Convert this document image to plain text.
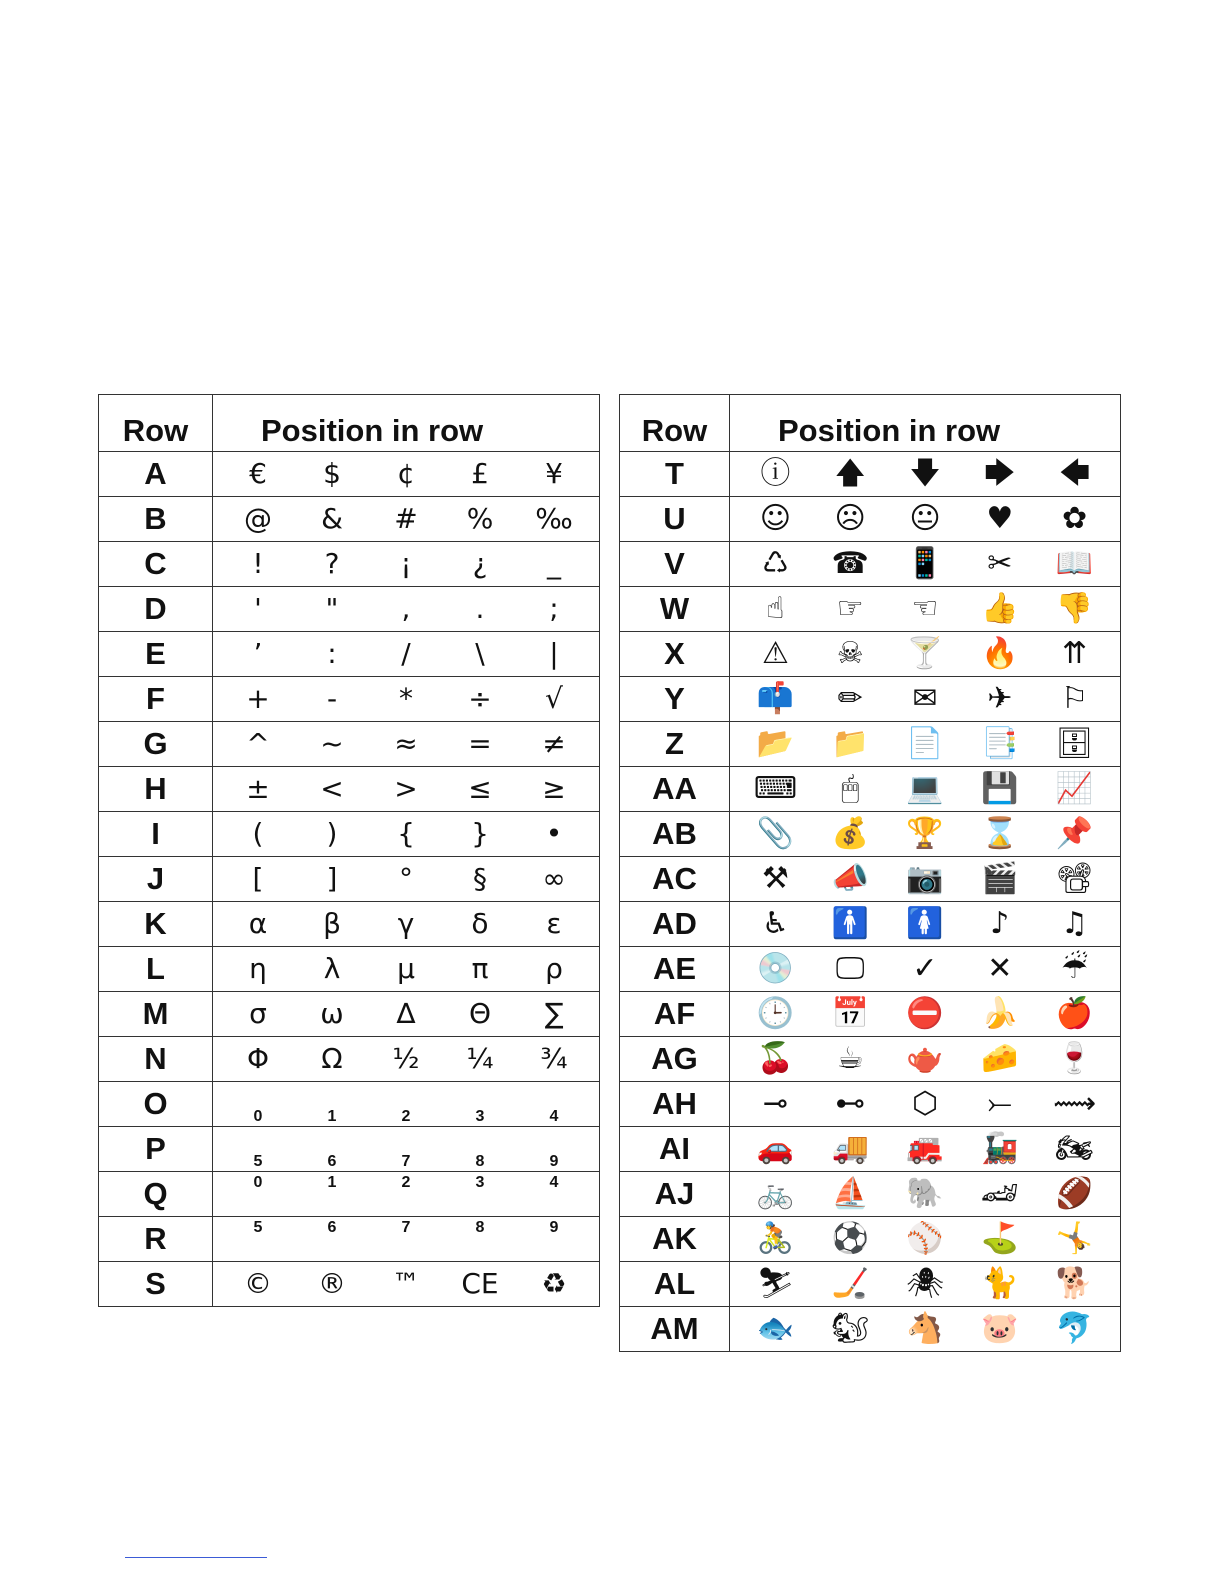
Row	Position in row
A	€ $ ¢ £ ¥

B	@ & # % ‰

C	! ? ¡ ¿ _

D	' " , . ;

E	’ : / \ |

F	+ - * ÷ √

G	^ ~ ≈ = ≠

H	± < > ≤ ≥

I	( ) { } •

J	[ ] ° § ∞

K	α β γ δ ε

L	η λ μ π ρ

M	σ ω ∆ Θ ∑

N	Φ Ω ½ ¼ ¾

O	0 1 2 3 4

P	5 6 7 8 9

Q	0 1 2 3 4

R	5 6 7 8 9

S	© ® ™ CE ♻
Row	Position in row
T	ⓘ 🡅 🡇 🡆 🡄

U	☺ ☹ 😐 ♥ ✿

V	♺ ☎ 📱 ✂ 📖

W	☝ ☞ ☜ 👍 👎

X	⚠ ☠ 🍸 🔥 ⇈

Y	📫 ✏ ✉ ✈ ⚐

Z	📂 📁 📄 📑 🗄

AA	⌨ 🖱 💻 💾 📈

AB	📎 💰 🏆 ⌛ 📌

AC	⚒ 📣 📷 🎬 📽

AD	♿ 🚹 🚺 ♪ ♫

AE	💿 🖵 ✓ ✕ ☔

AF	🕒 📅 ⛔ 🍌 🍎

AG	🍒 ☕ 🫖 🧀 🍷

AH	⊸ ⊷ ⬡ ⤚ ⟿

AI	🚗 🚚 🚒 🚂 🏍

AJ	🚲 ⛵ 🐘 🏎 🏈

AK	🚴 ⚽ ⚾ ⛳ 🤸

AL	⛷ 🏒 🕷 🐈 🐕

AM	🐟 🐿 🐴 🐷 🐬
